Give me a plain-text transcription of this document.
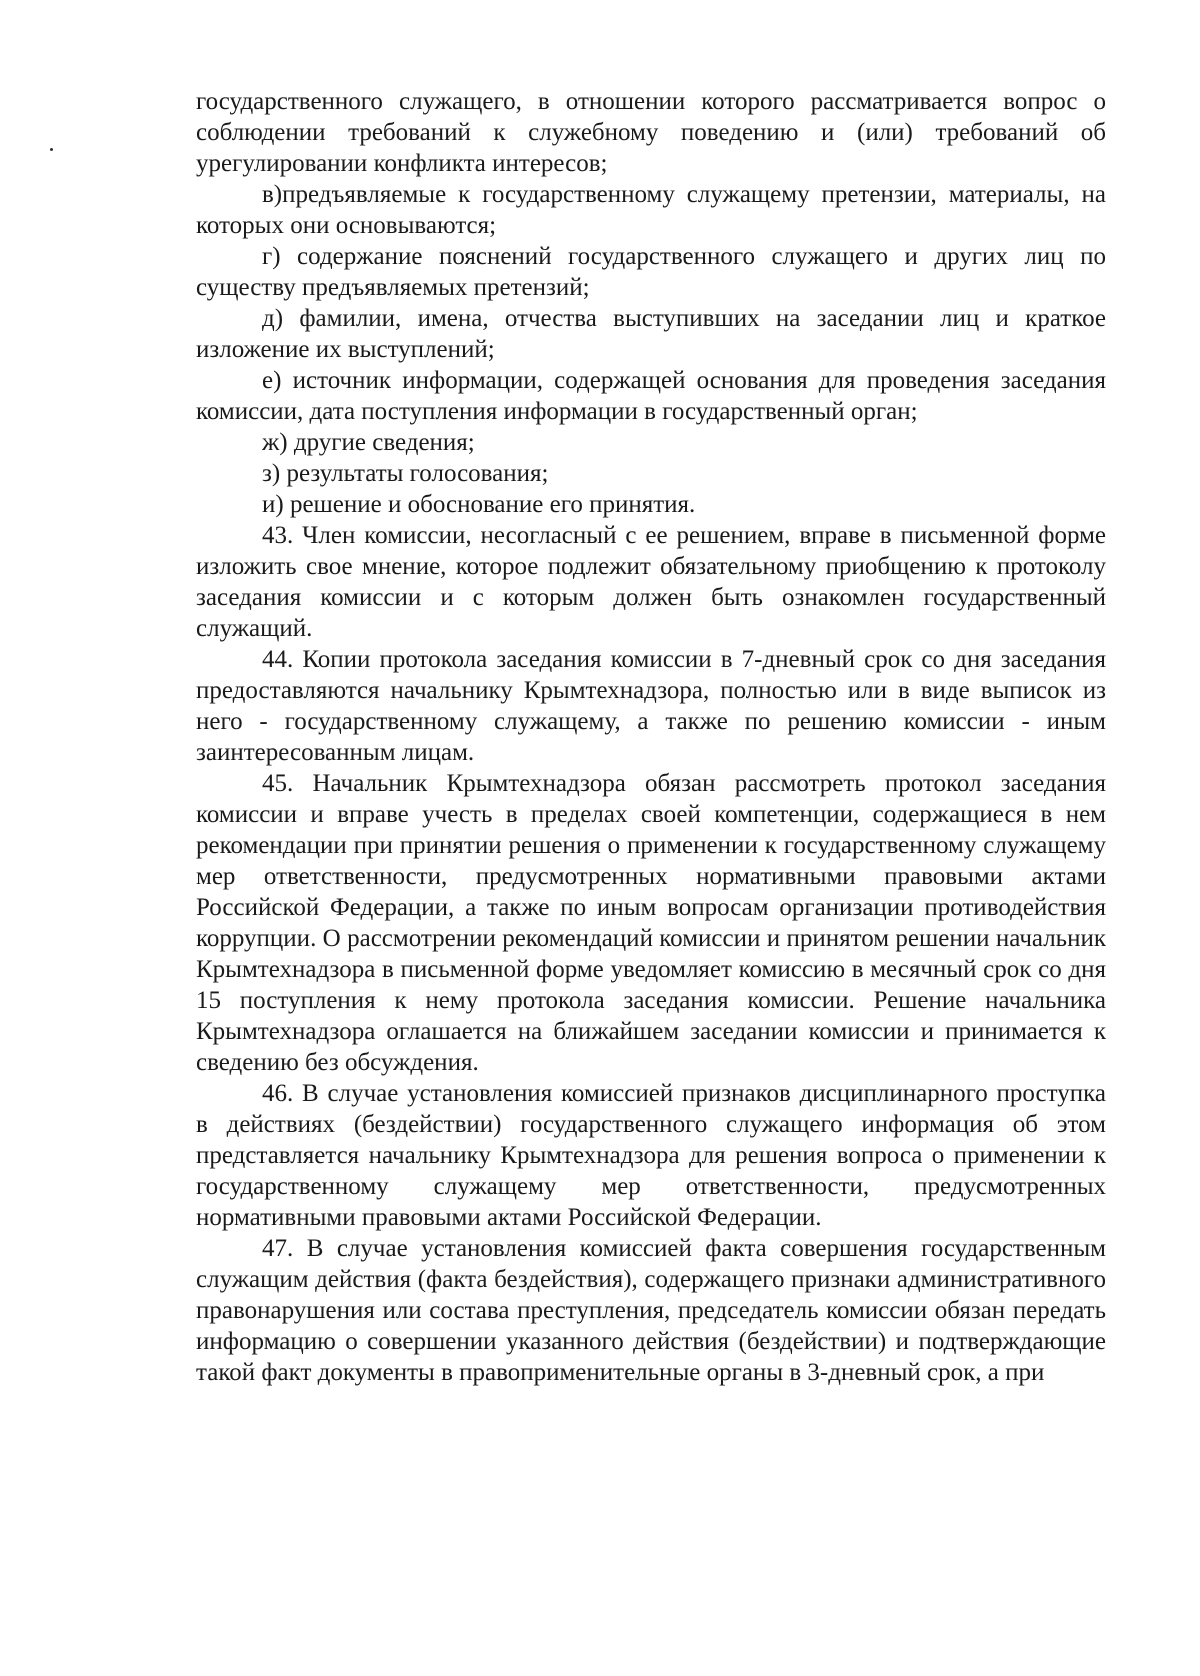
государственного служащего, в отношении которого рассматривается вопрос о соблюдении требований к служебному поведению и (или) требований об урегулировании конфликта интересов;

в)предъявляемые к государственному служащему претензии, материалы, на которых они основываются;

г) содержание пояснений государственного служащего и других лиц по существу предъявляемых претензий;

д) фамилии, имена, отчества выступивших на заседании лиц и краткое изложение их выступлений;

е) источник информации, содержащей основания для проведения заседания комиссии, дата поступления информации в государственный орган;

ж) другие сведения;

з) результаты голосования;

и) решение и обоснование его принятия.

43. Член комиссии, несогласный с ее решением, вправе в письменной форме изложить свое мнение, которое подлежит обязательному приобщению к протоколу заседания комиссии и с которым должен быть ознакомлен государственный служащий.

44. Копии протокола заседания комиссии в 7-дневный срок со дня заседания предоставляются начальнику Крымтехнадзора, полностью или в виде выписок из него - государственному служащему, а также по решению комиссии - иным заинтересованным лицам.

45. Начальник Крымтехнадзора обязан рассмотреть протокол заседания комиссии и вправе учесть в пределах своей компетенции, содержащиеся в нем рекомендации при принятии решения о применении к государственному служащему мер ответственности, предусмотренных нормативными правовыми актами Российской Федерации, а также по иным вопросам организации противодействия коррупции. О рассмотрении рекомендаций комиссии и принятом решении начальник Крымтехнадзора в письменной форме уведомляет комиссию в месячный срок со дня 15 поступления к нему протокола заседания комиссии. Решение начальника Крымтехнадзора оглашается на ближайшем заседании комиссии и принимается к сведению без обсуждения.

46. В случае установления комиссией признаков дисциплинарного проступка в действиях (бездействии) государственного служащего информация об этом представляется начальнику Крымтехнадзора для решения вопроса о применении к государственному служащему мер ответственности, предусмотренных нормативными правовыми актами Российской Федерации.

47. В случае установления комиссией факта совершения государственным служащим действия (факта бездействия), содержащего признаки административного правонарушения или состава преступления, председатель комиссии обязан передать информацию о совершении указанного действия (бездействии) и подтверждающие такой факт документы в правоприменительные органы в 3-дневный срок, а при
